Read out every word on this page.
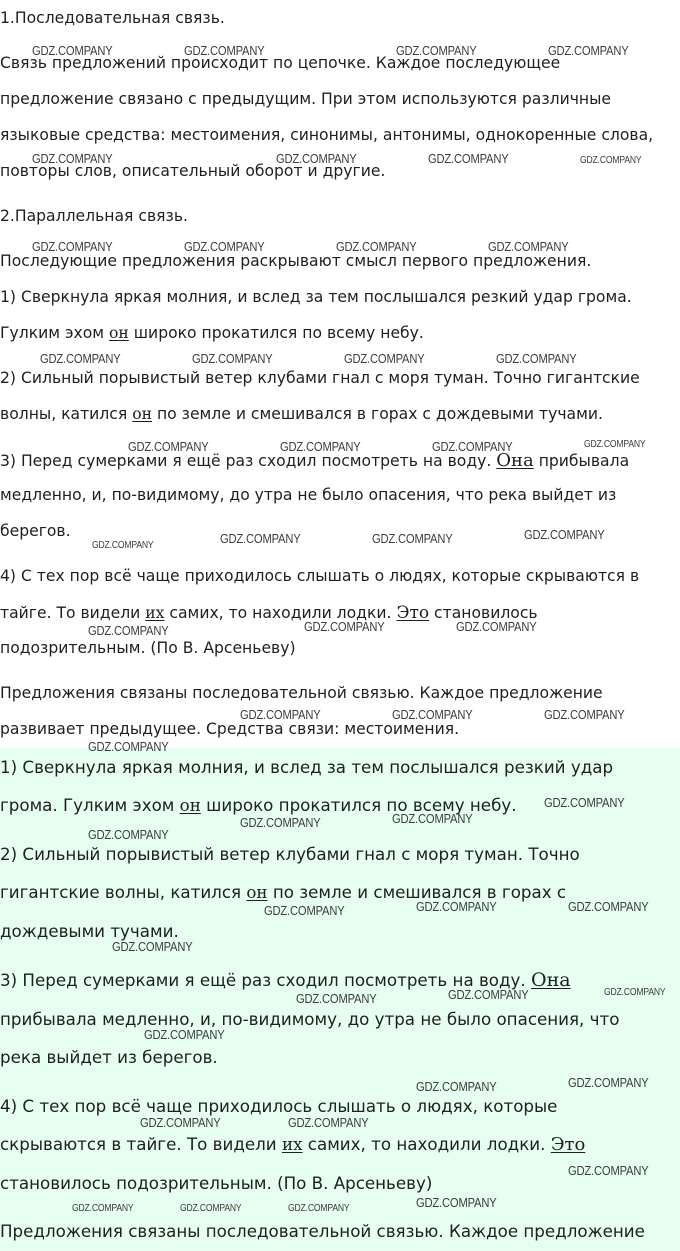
1.Последовательная связь.

Связь предложений происходит по цепочке. Каждое последующее

предложение связано с предыдущим. При этом используются различные

языковые средства: местоимения, синонимы, антонимы, однокоренные слова,

повторы слов, описательный оборот и другие.

2.Параллельная связь.

Последующие предложения раскрывают смысл первого предложения.

1) Сверкнула яркая молния, и вслед за тем послышался резкий удар грома.

Гулким эхом он широко прокатился по всему небу.

2) Сильный порывистый ветер клубами гнал с моря туман. Точно гигантские

волны, катился он по земле и смешивался в горах с дождевыми тучами.

3) Перед сумерками я ещё раз сходил посмотреть на воду. Она прибывала

медленно, и, по-видимому, до утра не было опасения, что река выйдет из

берегов.

4) С тех пор всё чаще приходилось слышать о людях, которые скрываются в

тайге. То видели их самих, то находили лодки. Это становилось

подозрительным. (По В. Арсеньеву)

Предложения связаны последовательной связью. Каждое предложение

развивает предыдущее. Средства связи: местоимения.

1) Сверкнула яркая молния, и вслед за тем послышался резкий удар

грома. Гулким эхом он широко прокатился по всему небу.

2) Сильный порывистый ветер клубами гнал с моря туман. Точно

гигантские волны, катился он по земле и смешивался в горах с

дождевыми тучами.

3) Перед сумерками я ещё раз сходил посмотреть на воду. Она

прибывала медленно, и, по-видимому, до утра не было опасения, что

река выйдет из берегов.

4) С тех пор всё чаще приходилось слышать о людях, которые

скрываются в тайге. То видели их самих, то находили лодки. Это

становилось подозрительным. (По В. Арсеньеву)

Предложения связаны последовательной связью. Каждое предложение

GDZ.COMPANY	GDZ.COMPANY	GDZ.COMPANY	GDZ.COMPANY
GDZ.COMPANY	GDZ.COMPANY	GDZ.COMPANY	GDZ.COMPANY
GDZ.COMPANY	GDZ.COMPANY	GDZ.COMPANY	GDZ.COMPANY
GDZ.COMPANY	GDZ.COMPANY	GDZ.COMPANY	GDZ.COMPANY
GDZ.COMPANY	GDZ.COMPANY	GDZ.COMPANY	GDZ.COMPANY
GDZ.COMPANY	GDZ.COMPANY	GDZ.COMPANY	GDZ.COMPANY
GDZ.COMPANY	GDZ.COMPANY	GDZ.COMPANY
GDZ.COMPANY	GDZ.COMPANY	GDZ.COMPANY
GDZ.COMPANY
GDZ.COMPANY
GDZ.COMPANY	GDZ.COMPANY
GDZ.COMPANY
GDZ.COMPANY	GDZ.COMPANY	GDZ.COMPANY
GDZ.COMPANY
GDZ.COMPANY	GDZ.COMPANY	GDZ.COMPANY
GDZ.COMPANY
GDZ.COMPANY	GDZ.COMPANY
GDZ.COMPANY	GDZ.COMPANY
GDZ.COMPANY
GDZ.COMPANY	GDZ.COMPANY	GDZ.COMPANY	GDZ.COMPANY
